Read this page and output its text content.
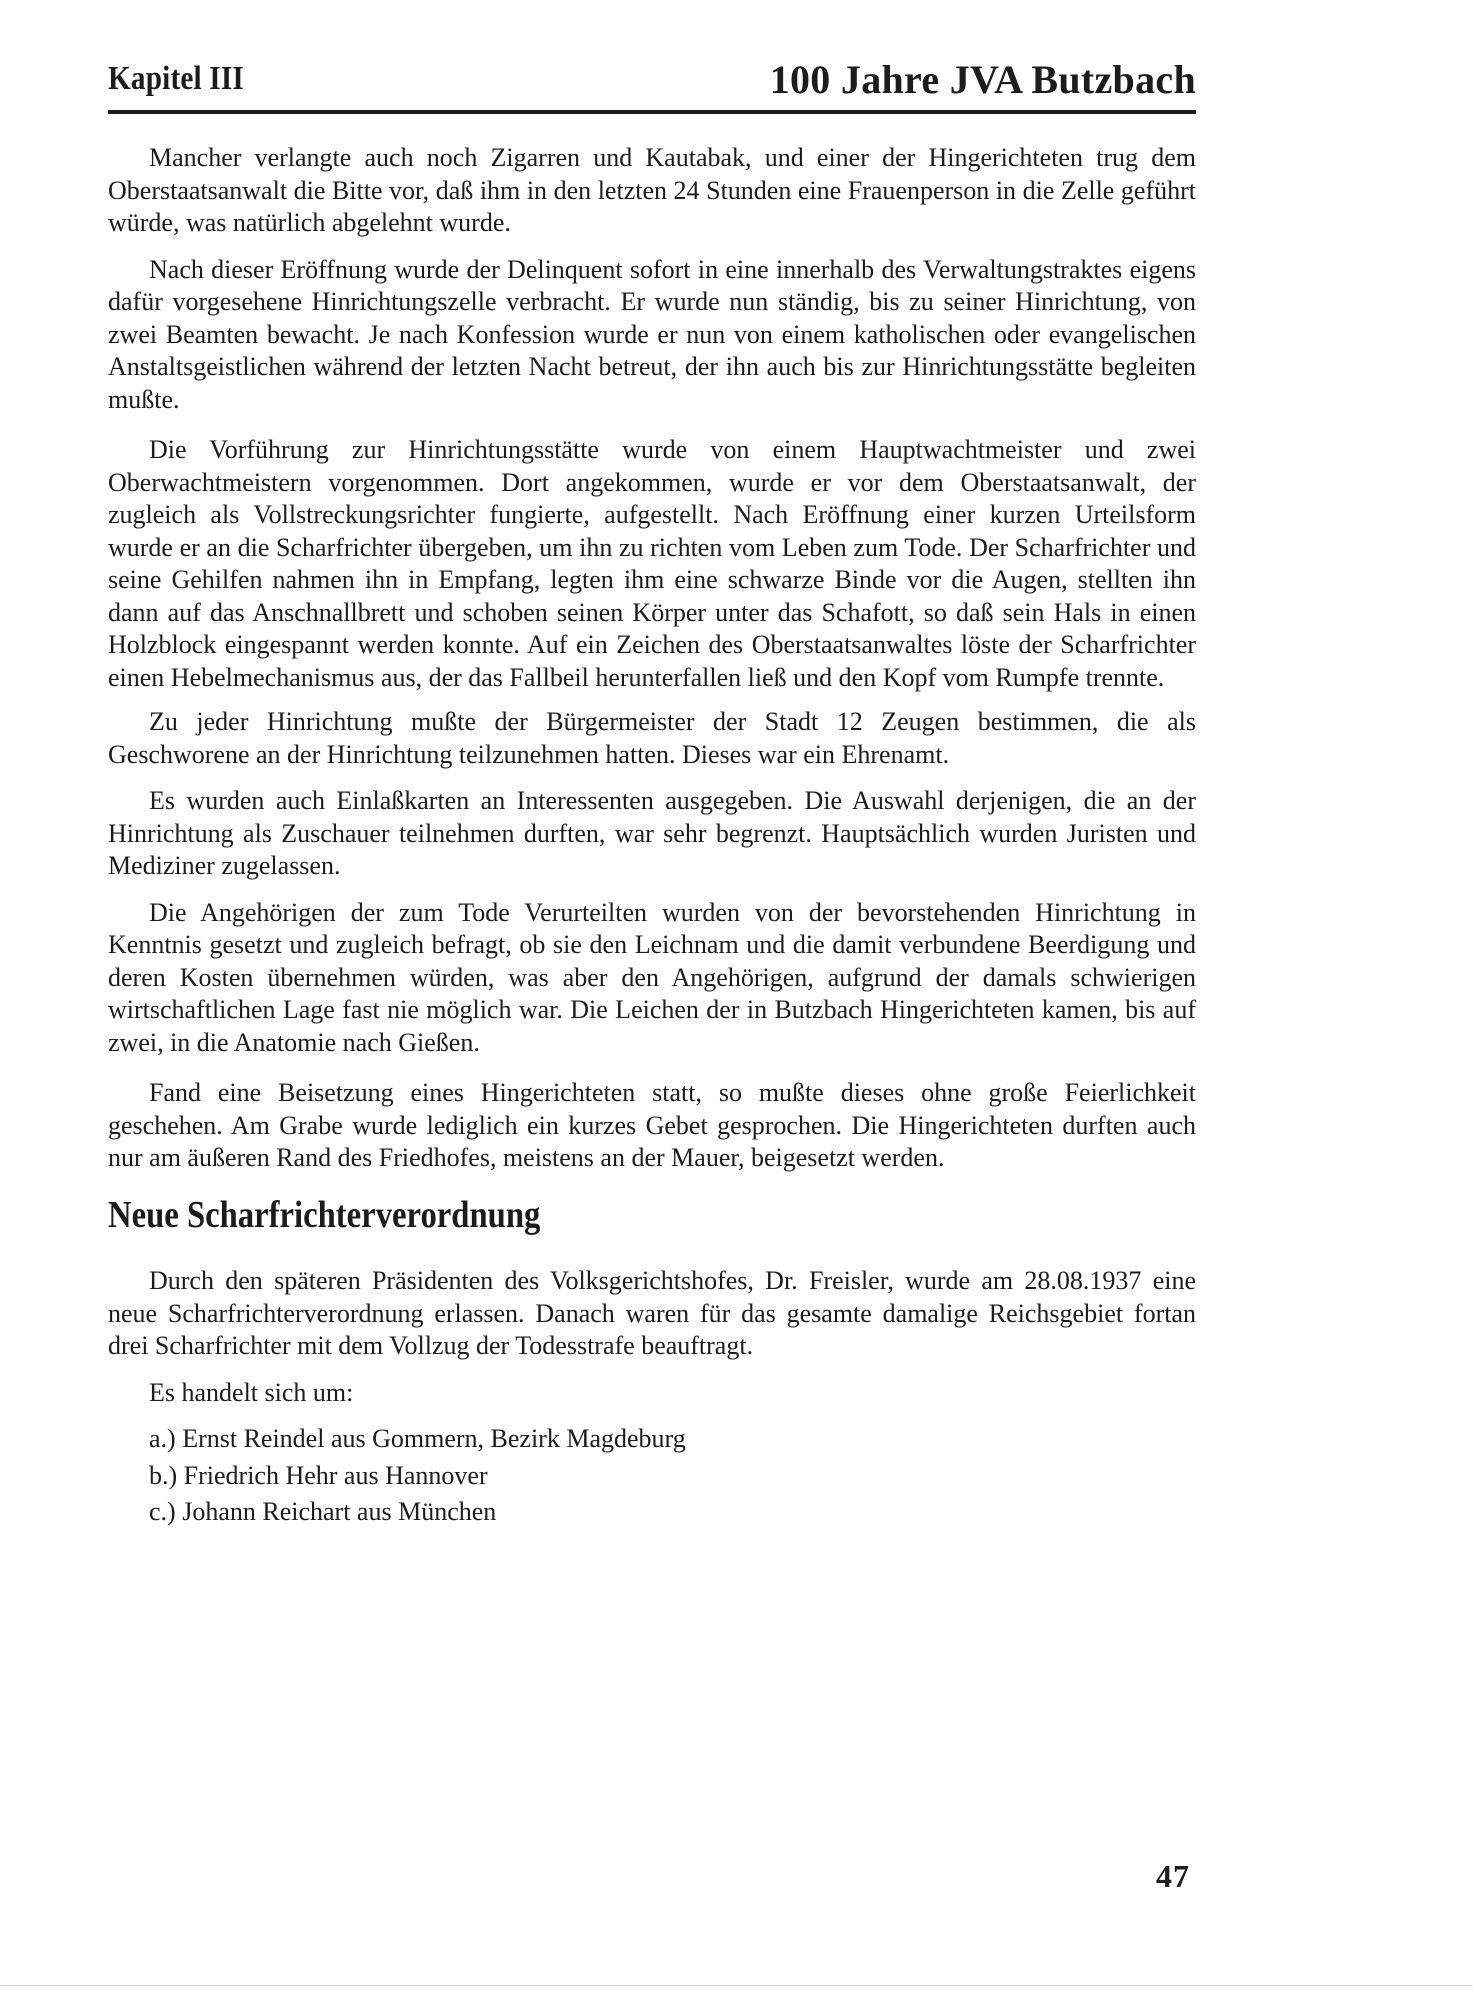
Kapitel III	100 Jahre JVA Butzbach

Mancher verlangte auch noch Zigarren und Kautabak, und einer der Hingerichteten trug dem Oberstaatsanwalt die Bitte vor, daß ihm in den letzten 24 Stunden eine Frauenperson in die Zelle geführt würde, was natürlich abgelehnt wurde.

Nach dieser Eröffnung wurde der Delinquent sofort in eine innerhalb des Verwaltungstraktes eigens dafür vorgesehene Hinrichtungszelle verbracht. Er wurde nun ständig, bis zu seiner Hinrichtung, von zwei Beamten bewacht. Je nach Konfession wurde er nun von einem katholischen oder evangelischen Anstaltsgeistlichen während der letzten Nacht betreut, der ihn auch bis zur Hinrichtungsstätte begleiten mußte.

Die Vorführung zur Hinrichtungsstätte wurde von einem Hauptwachtmeister und zwei Oberwachtmeistern vorgenommen. Dort angekommen, wurde er vor dem Oberstaatsanwalt, der zugleich als Vollstreckungsrichter fungierte, aufgestellt. Nach Eröffnung einer kurzen Urteilsform wurde er an die Scharfrichter übergeben, um ihn zu richten vom Leben zum Tode. Der Scharfrichter und seine Gehilfen nahmen ihn in Empfang, legten ihm eine schwarze Binde vor die Augen, stellten ihn dann auf das Anschnallbrett und schoben seinen Körper unter das Schafott, so daß sein Hals in einen Holzblock eingespannt werden konnte. Auf ein Zeichen des Oberstaatsanwaltes löste der Scharfrichter einen Hebelmechanismus aus, der das Fallbeil herunterfallen ließ und den Kopf vom Rumpfe trennte.

Zu jeder Hinrichtung mußte der Bürgermeister der Stadt 12 Zeugen bestimmen, die als Geschworene an der Hinrichtung teilzunehmen hatten. Dieses war ein Ehrenamt.

Es wurden auch Einlaßkarten an Interessenten ausgegeben. Die Auswahl derjenigen, die an der Hinrichtung als Zuschauer teilnehmen durften, war sehr begrenzt. Hauptsächlich wurden Juristen und Mediziner zugelassen.

Die Angehörigen der zum Tode Verurteilten wurden von der bevorstehenden Hinrichtung in Kenntnis gesetzt und zugleich befragt, ob sie den Leichnam und die damit verbundene Beerdigung und deren Kosten übernehmen würden, was aber den Angehörigen, aufgrund der damals schwierigen wirtschaftlichen Lage fast nie möglich war. Die Leichen der in Butzbach Hingerichteten kamen, bis auf zwei, in die Anatomie nach Gießen.

Fand eine Beisetzung eines Hingerichteten statt, so mußte dieses ohne große Feierlichkeit geschehen. Am Grabe wurde lediglich ein kurzes Gebet gesprochen. Die Hingerichteten durften auch nur am äußeren Rand des Friedhofes, meistens an der Mauer, beigesetzt werden.

Neue Scharfrichterverordnung

Durch den späteren Präsidenten des Volksgerichtshofes, Dr. Freisler, wurde am 28.08.1937 eine neue Scharfrichterverordnung erlassen. Danach waren für das gesamte damalige Reichsgebiet fortan drei Scharfrichter mit dem Vollzug der Todesstrafe beauftragt.

Es handelt sich um:

a.) Ernst Reindel aus Gommern, Bezirk Magdeburg
b.) Friedrich Hehr aus Hannover
c.) Johann Reichart aus München
47
